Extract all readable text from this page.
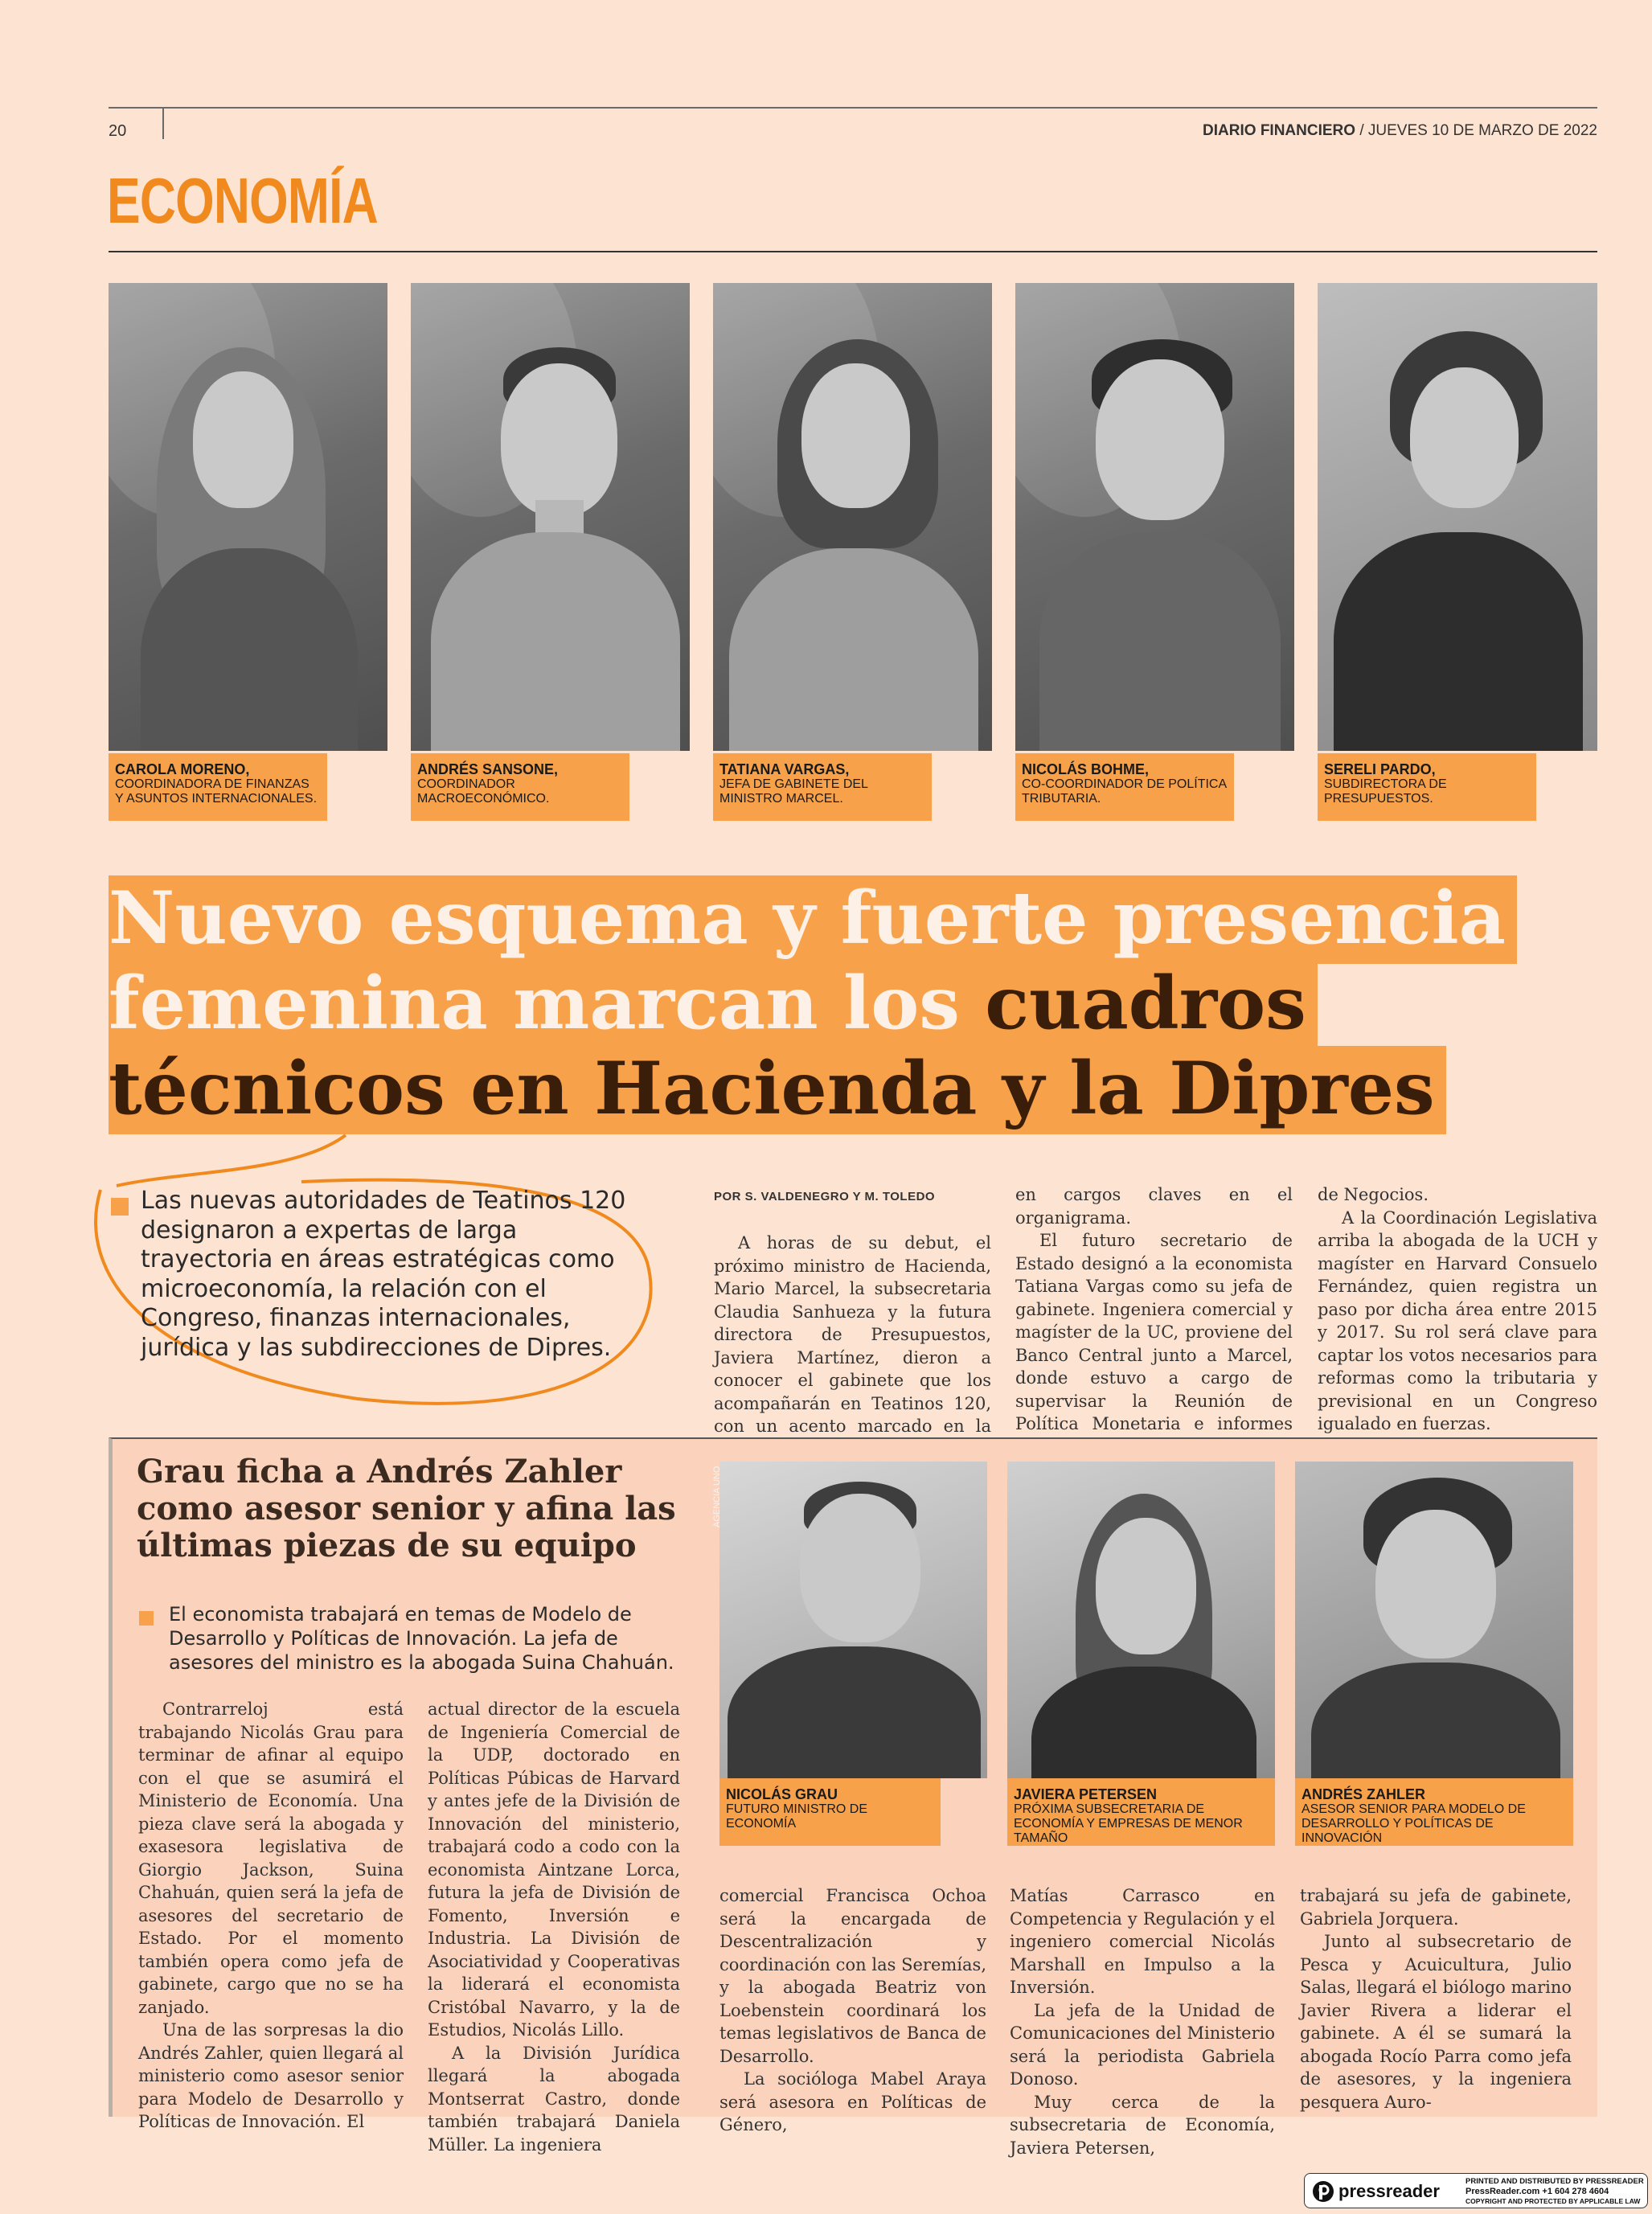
20	DIARIO FINANCIERO / JUEVES 10 DE MARZO DE 2022
ECONOMÍA
CAROLA MORENO,
COORDINADORA DE FINANZAS Y ASUNTOS INTERNACIONALES.
ANDRÉS SANSONE,
COORDINADOR MACROECONÓMICO.
TATIANA VARGAS,
JEFA DE GABINETE DEL MINISTRO MARCEL.
NICOLÁS BOHME,
CO-COORDINADOR DE POLÍTICA TRIBUTARIA.
SERELI PARDO,
SUBDIRECTORA DE PRESUPUESTOS.
Nuevo esquema y fuerte presencia
femenina marcan los cuadros
técnicos en Hacienda y la Dipres
Las nuevas autoridades de Teatinos 120 designaron a expertas de larga trayectoria en áreas estratégicas como microeconomía, la relación con el Congreso, finanzas internacionales, jurídica y las subdirecciones de Dipres.
POR S. VALDENEGRO Y M. TOLEDO

A horas de su debut, el próximo ministro de Hacienda, Mario Marcel, la subsecretaria Claudia Sanhueza y la futura directora de Presupuestos, Javiera Martínez, dieron a conocer el gabinete que los acompañarán en Teatinos 120, con un acento marcado en la

en cargos claves en el organigrama.

El futuro secretario de Estado designó a la economista Tatiana Vargas como su jefa de gabinete. Ingeniera comercial y magíster de la UC, proviene del Banco Central junto a Marcel, donde estuvo a cargo de supervisar la Reunión de Política Monetaria e informes

de Negocios.

A la Coordinación Legislativa arriba la abogada de la UCH y magíster en Harvard Consuelo Fernández, quien registra un paso por dicha área entre 2015 y 2017. Su rol será clave para captar los votos necesarios para reformas como la tributaria y previsional en un Congreso igualado en fuerzas.

Grau ficha a Andrés Zahler como asesor senior y afina las últimas piezas de su equipo
El economista trabajará en temas de Modelo de Desarrollo y Políticas de Innovación. La jefa de asesores del ministro es la abogada Suina Chahuán.

Contrarreloj está trabajando Nicolás Grau para terminar de afinar al equipo con el que se asumirá el Ministerio de Economía. Una pieza clave será la abogada y exasesora legislativa de Giorgio Jackson, Suina Chahuán, quien será la jefa de asesores del secretario de Estado. Por el momento también opera como jefa de gabinete, cargo que no se ha zanjado.

Una de las sorpresas la dio Andrés Zahler, quien llegará al ministerio como asesor senior para Modelo de Desarrollo y Políticas de Innovación. El

actual director de la escuela de Ingeniería Comercial de la UDP, doctorado en Políticas Púbicas de Harvard y antes jefe de la División de Innovación del ministerio, trabajará codo a codo con la economista Aintzane Lorca, futura la jefa de División de Fomento, Inversión e Industria. La División de Asociatividad y Cooperativas la liderará el economista Cristóbal Navarro, y la de Estudios, Nicolás Lillo.

A la División Jurídica llegará la abogada Montserrat Castro, donde también trabajará Daniela Müller. La ingeniera

AGENCIA UNO
NICOLÁS GRAU
FUTURO MINISTRO DE ECONOMÍA
JAVIERA PETERSEN
PRÓXIMA SUBSECRETARIA DE ECONOMÍA Y EMPRESAS DE MENOR TAMAÑO
ANDRÉS ZAHLER
ASESOR SENIOR PARA MODELO DE DESARROLLO Y POLÍTICAS DE INNOVACIÓN

comercial Francisca Ochoa será la encargada de Descentralización y coordinación con las Seremías, y la abogada Beatriz von Loebenstein coordinará los temas legislativos de Banca de Desarrollo.

La socióloga Mabel Araya será asesora en Políticas de Género,

Matías Carrasco en Competencia y Regulación y el ingeniero comercial Nicolás Marshall en Impulso a la Inversión.

La jefa de la Unidad de Comunicaciones del Ministerio será la periodista Gabriela Donoso.

Muy cerca de la subsecretaria de Economía, Javiera Petersen,

trabajará su jefa de gabinete, Gabriela Jorquera.

Junto al subsecretario de Pesca y Acuicultura, Julio Salas, llegará el biólogo marino Javier Rivera a liderar el gabinete. A él se sumará la abogada Rocío Parra como jefa de asesores, y la ingeniera pesquera Auro-

pressreader	PRINTED AND DISTRIBUTED BY PRESSREADER
PressReader.com +1 604 278 4604
COPYRIGHT AND PROTECTED BY APPLICABLE LAW
